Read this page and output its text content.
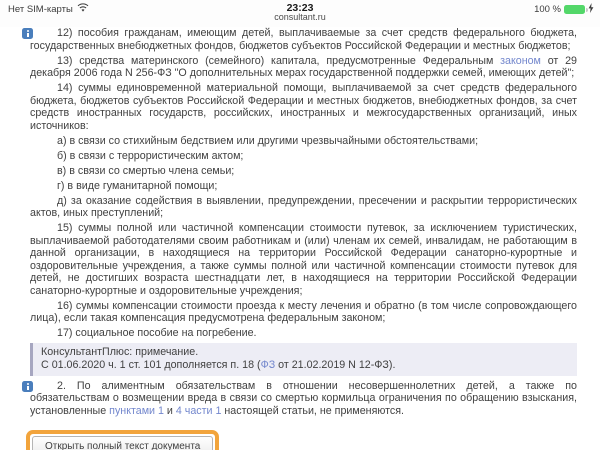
Нет SIM-карты	23:23
consultant.ru
100 %

12) пособия гражданам, имеющим детей, выплачиваемые за счет средств федерального бюджета, государственных внебюджетных фондов, бюджетов субъектов Российской Федерации и местных бюджетов;

13) средства материнского (семейного) капитала, предусмотренные Федеральным законом от 29 декабря 2006 года N 256-ФЗ "О дополнительных мерах государственной поддержки семей, имеющих детей";

14) суммы единовременной материальной помощи, выплачиваемой за счет средств федерального бюджета, бюджетов субъектов Российской Федерации и местных бюджетов, внебюджетных фондов, за счет средств иностранных государств, российских, иностранных и межгосударственных организаций, иных источников:

а) в связи со стихийным бедствием или другими чрезвычайными обстоятельствами;

б) в связи с террористическим актом;

в) в связи со смертью члена семьи;

г) в виде гуманитарной помощи;

д) за оказание содействия в выявлении, предупреждении, пресечении и раскрытии террористических актов, иных преступлений;

15) суммы полной или частичной компенсации стоимости путевок, за исключением туристических, выплачиваемой работодателями своим работникам и (или) членам их семей, инвалидам, не работающим в данной организации, в находящиеся на территории Российской Федерации санаторно-курортные и оздоровительные учреждения, а также суммы полной или частичной компенсации стоимости путевок для детей, не достигших возраста шестнадцати лет, в находящиеся на территории Российской Федерации санаторно-курортные и оздоровительные учреждения;

16) суммы компенсации стоимости проезда к месту лечения и обратно (в том числе сопровождающего лица), если такая компенсация предусмотрена федеральным законом;

17) социальное пособие на погребение.

КонсультантПлюс: примечание.
С 01.06.2020 ч. 1 ст. 101 дополняется п. 18 (ФЗ от 21.02.2019 N 12-ФЗ).

2. По алиментным обязательствам в отношении несовершеннолетних детей, а также по обязательствам о возмещении вреда в связи со смертью кормильца ограничения по обращению взыскания, установленные пунктами 1 и 4 части 1 настоящей статьи, не применяются.

Открыть полный текст документа
